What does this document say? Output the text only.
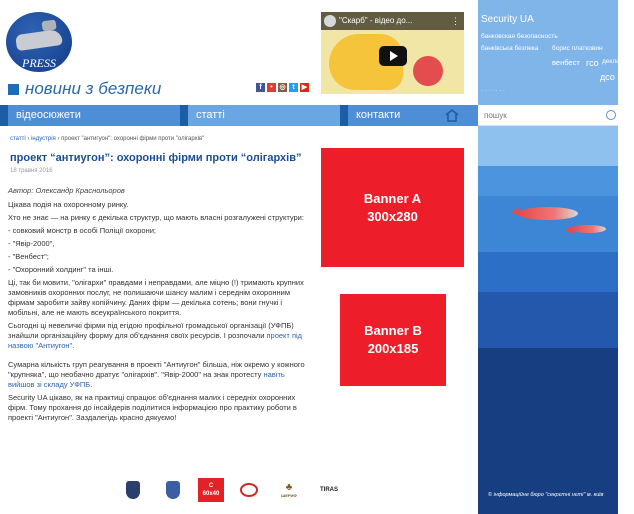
PRESS
новини з безпеки	f	• ◎ t	▶
"Скарб" - відео до...	⋮
відеосюжети	статті	контакти
статті › індустрія › проект "антигуон": охоронні фірми проти "олігархів"
проект “антиугон”: охоронні фірми проти “олігархів”
18 травня 2016

Автор: Олександр Краснольоров

Цікава подія на охоронному ринку.

Хто не знає — на ринку є декілька структур, що мають власні розгалужені структури:

- совковий монстр в особі Поліції охорони;

- "Явір-2000",

- "Венбест";

- "Охоронний холдинг" та інші.

Ці, так би мовити, "олігархи" правдами і неправдами, але мiцно (!) тримають крупних замовників охоронних послуг, не полишаючи шансу малим і середнім охоронним фірмам заробити зайву копійчину. Даних фірм — декілька сотень; вони гнучкі і мобільні, але не мають всеукраїнського покриття.

Сьогодні ці невеличкі фірми під егідою профільної громадської організації (УФПБ) знайшли організаційну форму для об'єднання своїх ресурсів. І розпочали проект під назвою "Антиугон".

Сумарна кількість груп реагування в проекті "Антиугон" більша, ніж окремо у кожного "крупняка", що необачно дратує "олігархів". "Явір-2000" на знак протесту навіть вийшов зі складу УФПБ.

Security UA цікаво, як на практиці спрацює об'єднання малих і середніх охоронних фірм. Тому прохання до інсайдерів поділитися інформацією про практику роботи в проекті "Антиугон". Заздалегідь красно дякуємо!

С
60х40
♣
ШЕРИФ
TIRAS
Banner A
300x280
Banner B
200x185
Security UA
банковская безопасность
банківська безпека борис платковин
венбест гсо декларації
дсо
· · · · · · ·
пошук
© інформаційне бюро "секрєтні нєті" м. київ
